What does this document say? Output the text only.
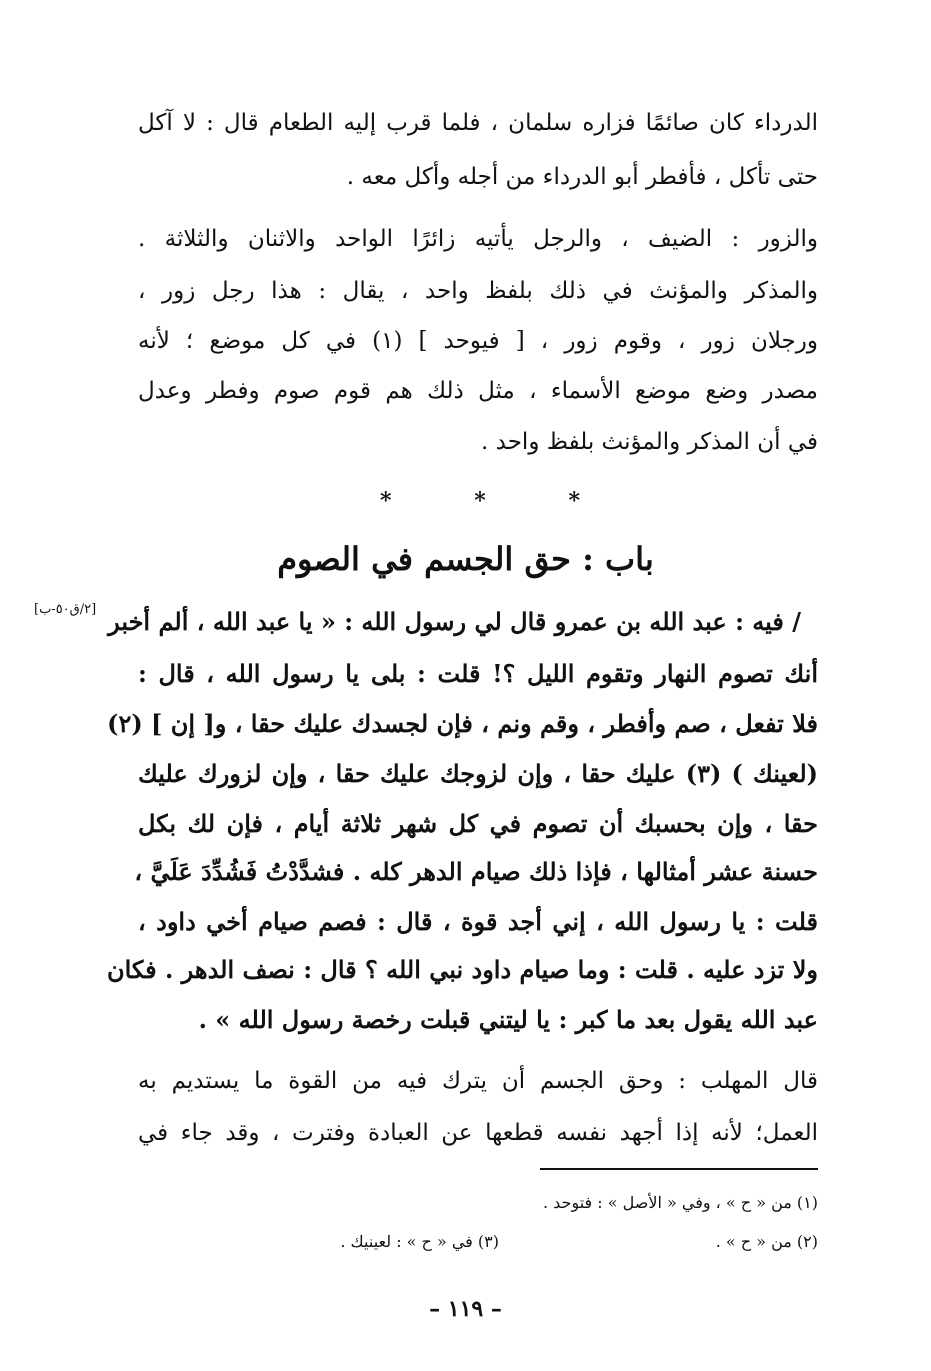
الدرداء كان صائمًا فزاره سلمان ، فلما قرب إليه الطعام قال : لا آكل
حتى تأكل ، فأفطر أبو الدرداء من أجله وأكل معه .
والزور : الضيف ، والرجل يأتيه زائرًا الواحد والاثنان والثلاثة .
والمذكر والمؤنث في ذلك بلفظ واحد ، يقال : هذا رجل زور ،
ورجلان زور ، وقوم زور ، [ فيوحد ] (١) في كل موضع ؛ لأنه
مصدر وضع موضع الأسماء ، مثل ذلك هم قوم صوم وفطر وعدل
في أن المذكر والمؤنث بلفظ واحد .
*	*	*
باب : حق الجسم في الصوم
/ فيه : عبد الله بن عمرو قال لي رسول الله : « يا عبد الله ، ألم أخبر
[٢/ق٥٠-ب]
أنك تصوم النهار وتقوم الليل ؟! قلت : بلى يا رسول الله ، قال :
فلا تفعل ، صم وأفطر ، وقم ونم ، فإن لجسدك عليك حقا ، و[ إن ] (٢)
(لعينك ) (٣) عليك حقا ، وإن لزوجك عليك حقا ، وإن لزورك عليك
حقا ، وإن بحسبك أن تصوم في كل شهر ثلاثة أيام ، فإن لك بكل
حسنة عشر أمثالها ، فإذا ذلك صيام الدهر كله . فشدَّدْتُ فَشُدِّدَ عَلَيَّ ،
قلت : يا رسول الله ، إني أجد قوة ، قال : فصم صيام أخي داود ،
ولا تزد عليه . قلت : وما صيام داود نبي الله ؟ قال : نصف الدهر . فكان
عبد الله يقول بعد ما كبر : يا ليتني قبلت رخصة رسول الله » .
قال المهلب : وحق الجسم أن يترك فيه من القوة ما يستديم به
العمل؛ لأنه إذا أجهد نفسه قطعها عن العبادة وفترت ، وقد جاء في
(١) من « ح » ، وفي « الأصل » : فتوحد .
(٢) من « ح » .
(٣) في « ح » : لعينيك .
– ١١٩ –
